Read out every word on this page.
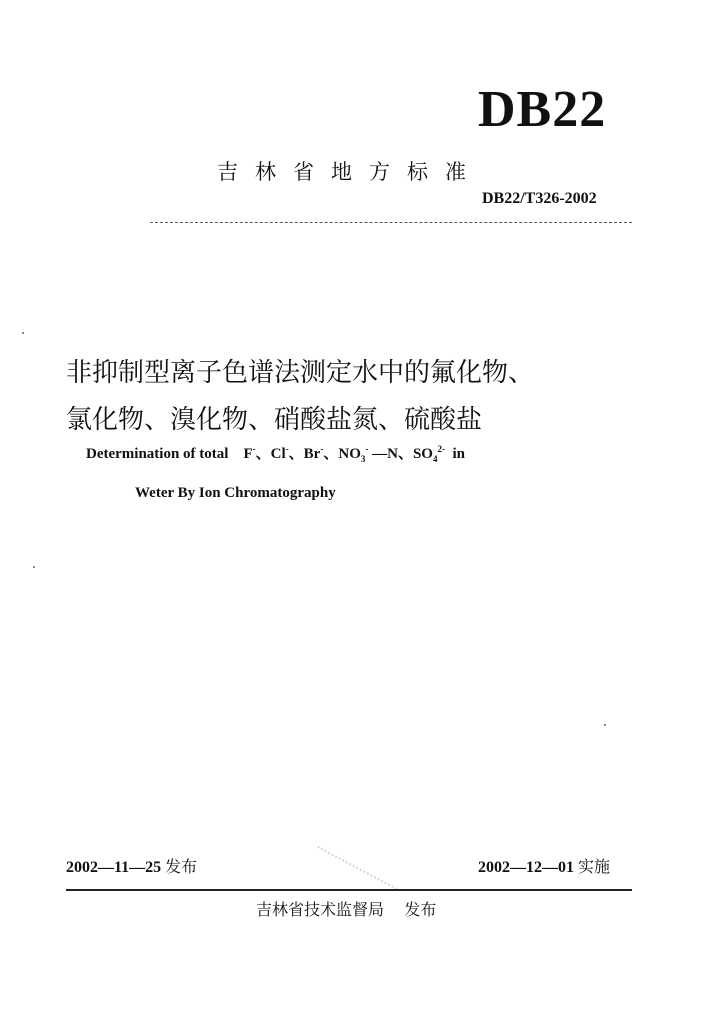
DB22
吉林省地方标准
DB22/T326-2002
非抑制型离子色谱法测定水中的氟化物、
氯化物、溴化物、硝酸盐氮、硫酸盐
Determination of total F-、Cl-、Br-、$NO_3^-$ —N、$SO_4^{2-}$ in
Weter By Ion Chromatography
2002—11—25 发布	2002—12—01 实施
吉林省技术监督局 发布
